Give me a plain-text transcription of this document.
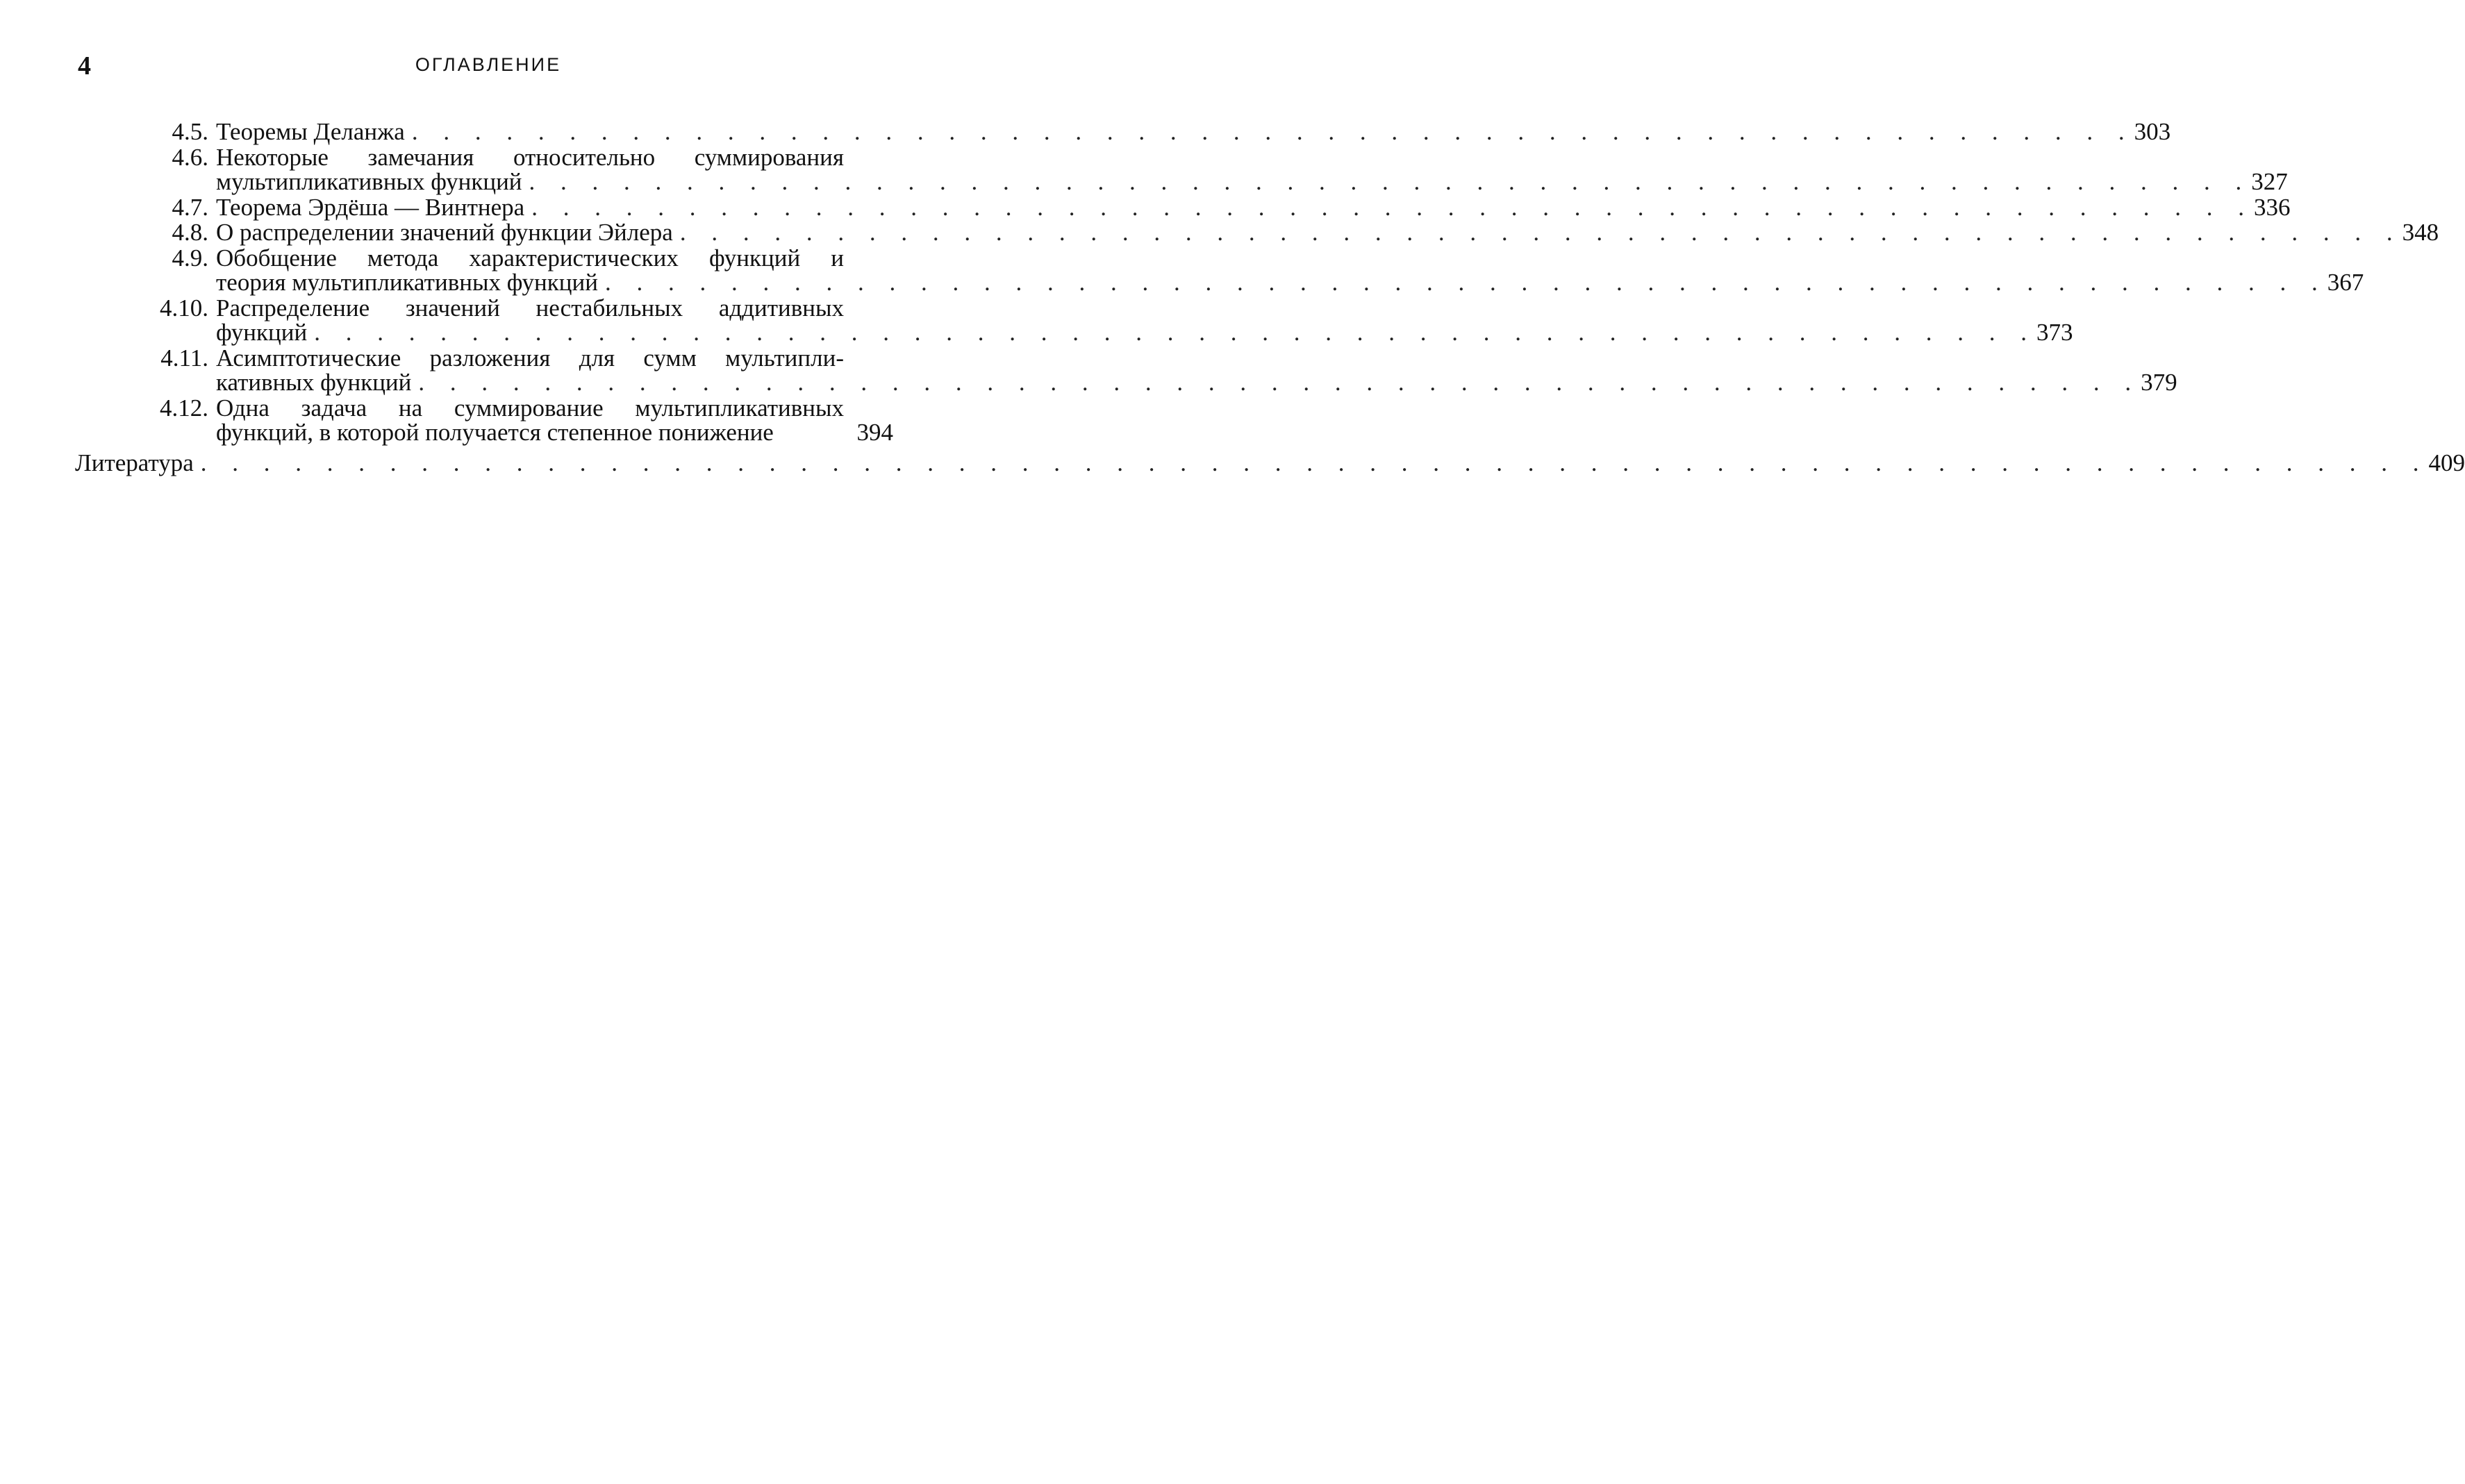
4	ОГЛАВЛЕНИЕ
4.5. Теоремы Деланжа . . . . . . . . . . . . . . . . . . . . . . . . . . . . . . . . . . . . . . . . . . . . . . . . . . . . . . . 303
4.6. Некоторые замечания относительно суммирования
мультипликативных функций . . . . . . . . . . . . . . . . . . . . . . . . . . . . . . . . . . . . . . . . . . . . . . . . . . . . . . . 327
4.7. Теорема Эрдёша — Винтнера . . . . . . . . . . . . . . . . . . . . . . . . . . . . . . . . . . . . . . . . . . . . . . . . . . . . . . . 336
4.8. О распределении значений функции Эйлера . . . . . . . . . . . . . . . . . . . . . . . . . . . . . . . . . . . . . . . . . . . . . . . . . . . . . . . 348
4.9. Обобщение метода характеристических функций и
теория мультипликативных функций . . . . . . . . . . . . . . . . . . . . . . . . . . . . . . . . . . . . . . . . . . . . . . . . . . . . . . . 367
4.10. Распределение значений нестабильных аддитивных
функций . . . . . . . . . . . . . . . . . . . . . . . . . . . . . . . . . . . . . . . . . . . . . . . . . . . . . . . 373
4.11. Асимптотические разложения для сумм мультипли-
кативных функций . . . . . . . . . . . . . . . . . . . . . . . . . . . . . . . . . . . . . . . . . . . . . . . . . . . . . . . 379
4.12. Одна задача на суммирование мультипликативных
функций, в которой получается степенное понижение	394
Литература . . . . . . . . . . . . . . . . . . . . . . . . . . . . . . . . . . . . . . . . . . . . . . . . . . . . . . . . . . . . . . . . . . . . . . . 409
